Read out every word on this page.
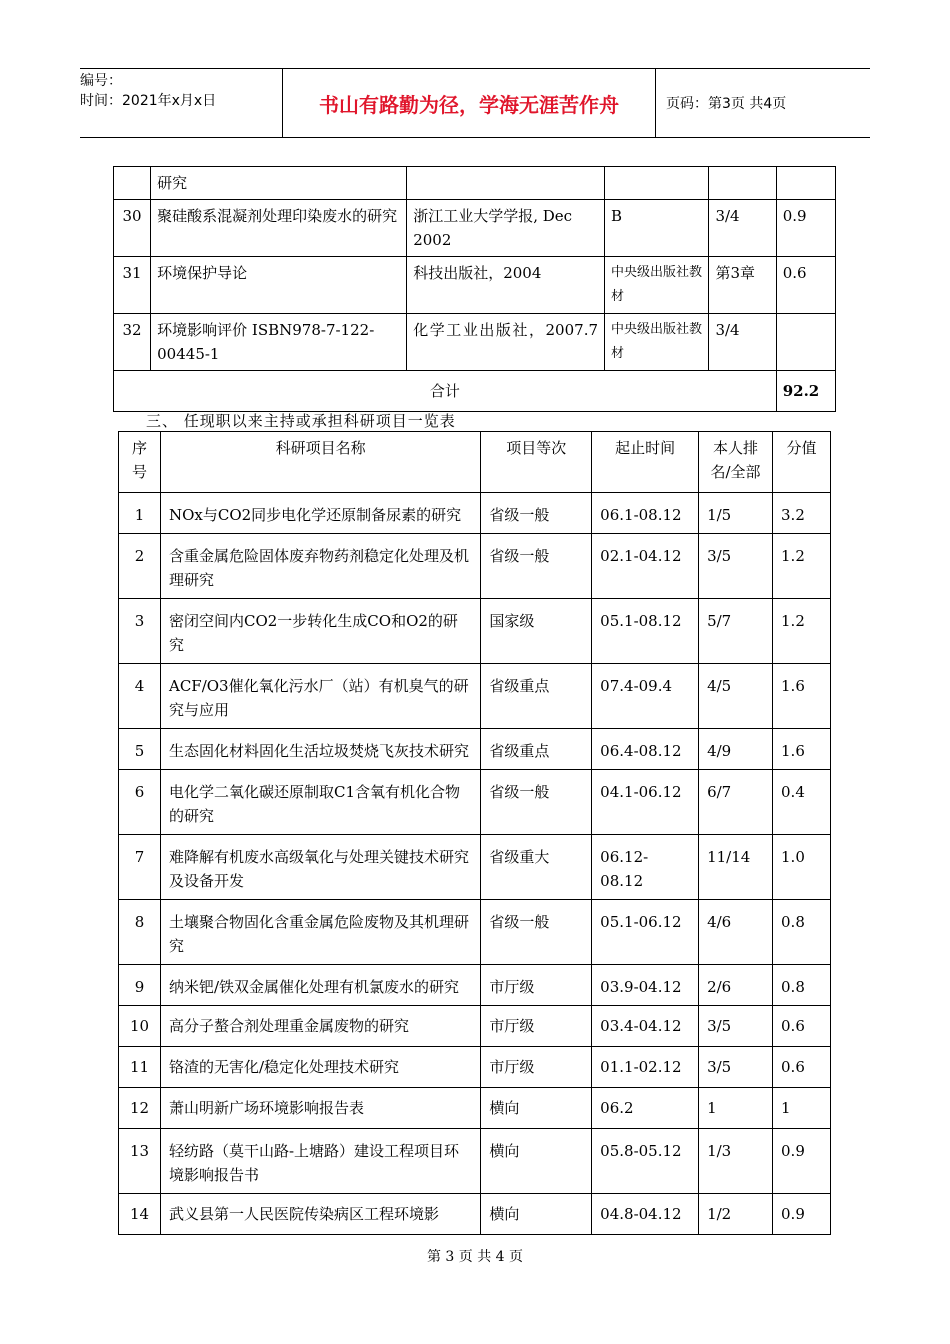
编号：
时间：2021年x月x日	书山有路勤为径，学海无涯苦作舟	页码：第3页 共4页
	研究				
30	聚硅酸系混凝剂处理印染废水的研究	浙江工业大学学报, Dec 2002	B	3/4	0.9
31	环境保护导论	科技出版社，2004	中央级出版社教材	第3章	0.6
32	环境影响评价 ISBN978-7-122-00445-1	化学工业出版社，2007.7	中央级出版社教材	3/4	
合计					92.2
三、 任现职以来主持或承担科研项目一览表
序号	科研项目名称	项目等次	起止时间	本人排名/全部	分值
1	NOx与CO2同步电化学还原制备尿素的研究	省级一般	06.1-08.12	1/5	3.2
2	含重金属危险固体废弃物药剂稳定化处理及机理研究	省级一般	02.1-04.12	3/5	1.2
3	密闭空间内CO2一步转化生成CO和O2的研究	国家级	05.1-08.12	5/7	1.2
4	ACF/O3催化氧化污水厂（站）有机臭气的研究与应用	省级重点	07.4-09.4	4/5	1.6
5	生态固化材料固化生活垃圾焚烧飞灰技术研究	省级重点	06.4-08.12	4/9	1.6
6	电化学二氧化碳还原制取C1含氧有机化合物的研究	省级一般	04.1-06.12	6/7	0.4
7	难降解有机废水高级氧化与处理关键技术研究及设备开发	省级重大	06.12-08.12	11/14	1.0
8	土壤聚合物固化含重金属危险废物及其机理研究	省级一般	05.1-06.12	4/6	0.8
9	纳米钯/铁双金属催化处理有机氯废水的研究	市厅级	03.9-04.12	2/6	0.8
10	高分子螯合剂处理重金属废物的研究	市厅级	03.4-04.12	3/5	0.6
11	铬渣的无害化/稳定化处理技术研究	市厅级	01.1-02.12	3/5	0.6
12	萧山明新广场环境影响报告表	横向	06.2	1	1
13	轻纺路（莫干山路-上塘路）建设工程项目环境影响报告书	横向	05.8-05.12	1/3	0.9
14	武义县第一人民医院传染病区工程环境影	横向	04.8-04.12	1/2	0.9
第 3 页 共 4 页
